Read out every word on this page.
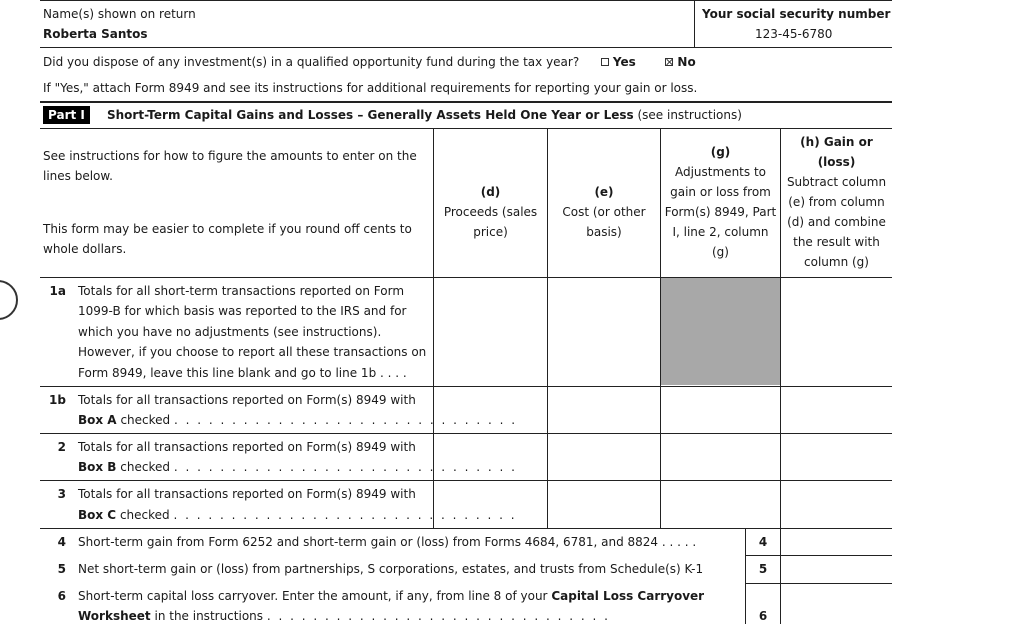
Name(s) shown on return
Roberta Santos
Your social security number
123-45-6780
Did you dispose of any investment(s) in a qualified opportunity fund during the tax year?	Yes	No
If "Yes," attach Form 8949 and see its instructions for additional requirements for reporting your gain or loss.
Part I	Short-Term Capital Gains and Losses – Generally Assets Held One Year or Less (see instructions)
See instructions for how to figure the amounts to enter on the
lines below.
This form may be easier to complete if you round off cents to
whole dollars.
(d)
Proceeds (sales
price)
(e)
Cost (or other
basis)
(g)
Adjustments to
gain or loss from
Form(s) 8949, Part
I, line 2, column
(g)
(h) Gain or
(loss)
Subtract column
(e) from column
(d) and combine
the result with
column (g)
1a Totals for all short-term transactions reported on Form
1099-B for which basis was reported to the IRS and for
which you have no adjustments (see instructions).
However, if you choose to report all these transactions on
Form 8949, leave this line blank and go to line 1b . . . .
1b Totals for all transactions reported on Form(s) 8949 with
Box A checked . . . . . . . . . . . . . . . . . . . . . . . . . . . . . .
2 Totals for all transactions reported on Form(s) 8949 with
Box B checked . . . . . . . . . . . . . . . . . . . . . . . . . . . . . .
3 Totals for all transactions reported on Form(s) 8949 with
Box C checked . . . . . . . . . . . . . . . . . . . . . . . . . . . . . .
4 Short-term gain from Form 6252 and short-term gain or (loss) from Forms 4684, 6781, and 8824 . . . . .	4
5 Net short-term gain or (loss) from partnerships, S corporations, estates, and trusts from Schedule(s) K-1	5
6 Short-term capital loss carryover. Enter the amount, if any, from line 8 of your Capital Loss Carryover
Worksheet in the instructions . . . . . . . . . . . . . . . . . . . . . . . . . . . . . .	6
